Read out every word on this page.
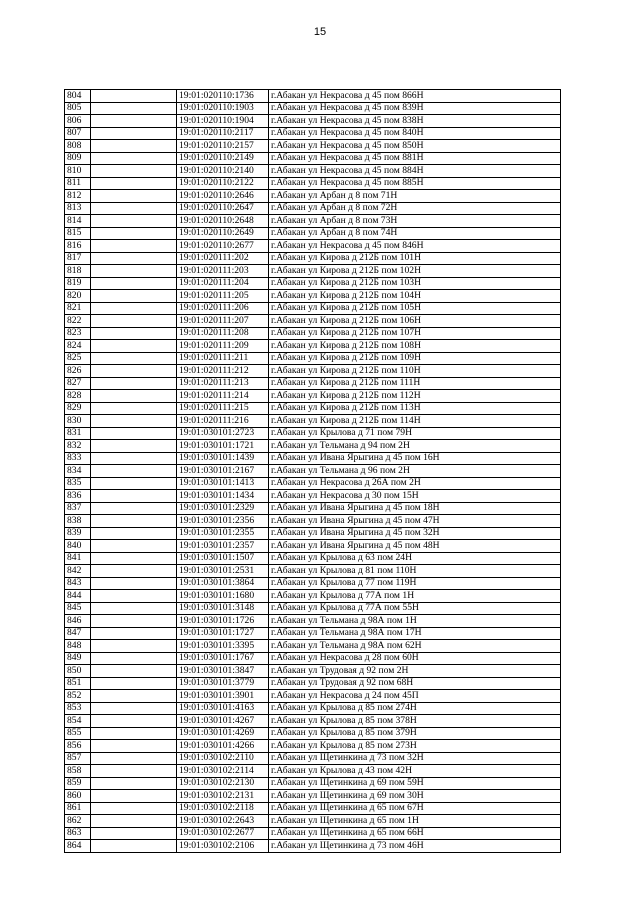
15
804		19:01:020110:1736	г.Абакан ул Некрасова д 45 пом 866Н
805		19:01:020110:1903	г.Абакан ул Некрасова д 45 пом 839Н
806		19:01:020110:1904	г.Абакан ул Некрасова д 45 пом 838Н
807		19:01:020110:2117	г.Абакан ул Некрасова д 45 пом 840Н
808		19:01:020110:2157	г.Абакан ул Некрасова д 45 пом 850Н
809		19:01:020110:2149	г.Абакан ул Некрасова д 45 пом 881Н
810		19:01:020110:2140	г.Абакан ул Некрасова д 45 пом 884Н
811		19:01:020110:2122	г.Абакан ул Некрасова д 45 пом 885Н
812		19:01:020110:2646	г.Абакан ул Арбан д 8 пом 71Н
813		19:01:020110:2647	г.Абакан ул Арбан д 8 пом 72Н
814		19:01:020110:2648	г.Абакан ул Арбан д 8 пом 73Н
815		19:01:020110:2649	г.Абакан ул Арбан д 8 пом 74Н
816		19:01:020110:2677	г.Абакан ул Некрасова д 45 пом 846Н
817		19:01:020111:202	г.Абакан ул Кирова д 212Б пом 101Н
818		19:01:020111:203	г.Абакан ул Кирова д 212Б пом 102Н
819		19:01:020111:204	г.Абакан ул Кирова д 212Б пом 103Н
820		19:01:020111:205	г.Абакан ул Кирова д 212Б пом 104Н
821		19:01:020111:206	г.Абакан ул Кирова д 212Б пом 105Н
822		19:01:020111:207	г.Абакан ул Кирова д 212Б пом 106Н
823		19:01:020111:208	г.Абакан ул Кирова д 212Б пом 107Н
824		19:01:020111:209	г.Абакан ул Кирова д 212Б пом 108Н
825		19:01:020111:211	г.Абакан ул Кирова д 212Б пом 109Н
826		19:01:020111:212	г.Абакан ул Кирова д 212Б пом 110Н
827		19:01:020111:213	г.Абакан ул Кирова д 212Б пом 111Н
828		19:01:020111:214	г.Абакан ул Кирова д 212Б пом 112Н
829		19:01:020111:215	г.Абакан ул Кирова д 212Б пом 113Н
830		19:01:020111:216	г.Абакан ул Кирова д 212Б пом 114Н
831		19:01:030101:2723	г.Абакан ул Крылова д 71 пом 79Н
832		19:01:030101:1721	г.Абакан ул Тельмана д 94 пом 2Н
833		19:01:030101:1439	г.Абакан ул Ивана Ярыгина д 45 пом 16Н
834		19:01:030101:2167	г.Абакан ул Тельмана д 96 пом 2Н
835		19:01:030101:1413	г.Абакан ул Некрасова д 26А пом 2Н
836		19:01:030101:1434	г.Абакан ул Некрасова д 30 пом 15Н
837		19:01:030101:2329	г.Абакан ул Ивана Ярыгина д 45 пом 18Н
838		19:01:030101:2356	г.Абакан ул Ивана Ярыгина д 45 пом 47Н
839		19:01:030101:2355	г.Абакан ул Ивана Ярыгина д 45 пом 32Н
840		19:01:030101:2357	г.Абакан ул Ивана Ярыгина д 45 пом 48Н
841		19:01:030101:1507	г.Абакан ул Крылова д 63 пом 24Н
842		19:01:030101:2531	г.Абакан ул Крылова д 81 пом 110Н
843		19:01:030101:3864	г.Абакан ул Крылова д 77 пом 119Н
844		19:01:030101:1680	г.Абакан ул Крылова д 77А пом 1Н
845		19:01:030101:3148	г.Абакан ул Крылова д 77А пом 55Н
846		19:01:030101:1726	г.Абакан ул Тельмана д 98А пом 1Н
847		19:01:030101:1727	г.Абакан ул Тельмана д 98А пом 17Н
848		19:01:030101:3395	г.Абакан ул Тельмана д 98А пом 62Н
849		19:01:030101:1767	г.Абакан ул Некрасова д 28 пом 60Н
850		19:01:030101:3847	г.Абакан ул Трудовая д 92 пом 2Н
851		19:01:030101:3779	г.Абакан ул Трудовая д 92 пом 68Н
852		19:01:030101:3901	г.Абакан ул Некрасова д 24 пом 45П
853		19:01:030101:4163	г.Абакан ул Крылова д 85 пом 274Н
854		19:01:030101:4267	г.Абакан ул Крылова д 85 пом 378Н
855		19:01:030101:4269	г.Абакан ул Крылова д 85 пом 379Н
856		19:01:030101:4266	г.Абакан ул Крылова д 85 пом 273Н
857		19:01:030102:2110	г.Абакан ул Щетинкина д 73 пом 32Н
858		19:01:030102:2114	г.Абакан ул Крылова д 43 пом 42Н
859		19:01:030102:2130	г.Абакан ул Щетинкина д 69 пом 59Н
860		19:01:030102:2131	г.Абакан ул Щетинкина д 69 пом 30Н
861		19:01:030102:2118	г.Абакан ул Щетинкина д 65 пом 67Н
862		19:01:030102:2643	г.Абакан ул Щетинкина д 65 пом 1Н
863		19:01:030102:2677	г.Абакан ул Щетинкина д 65 пом 66Н
864		19:01:030102:2106	г.Абакан ул Щетинкина д 73 пом 46Н
